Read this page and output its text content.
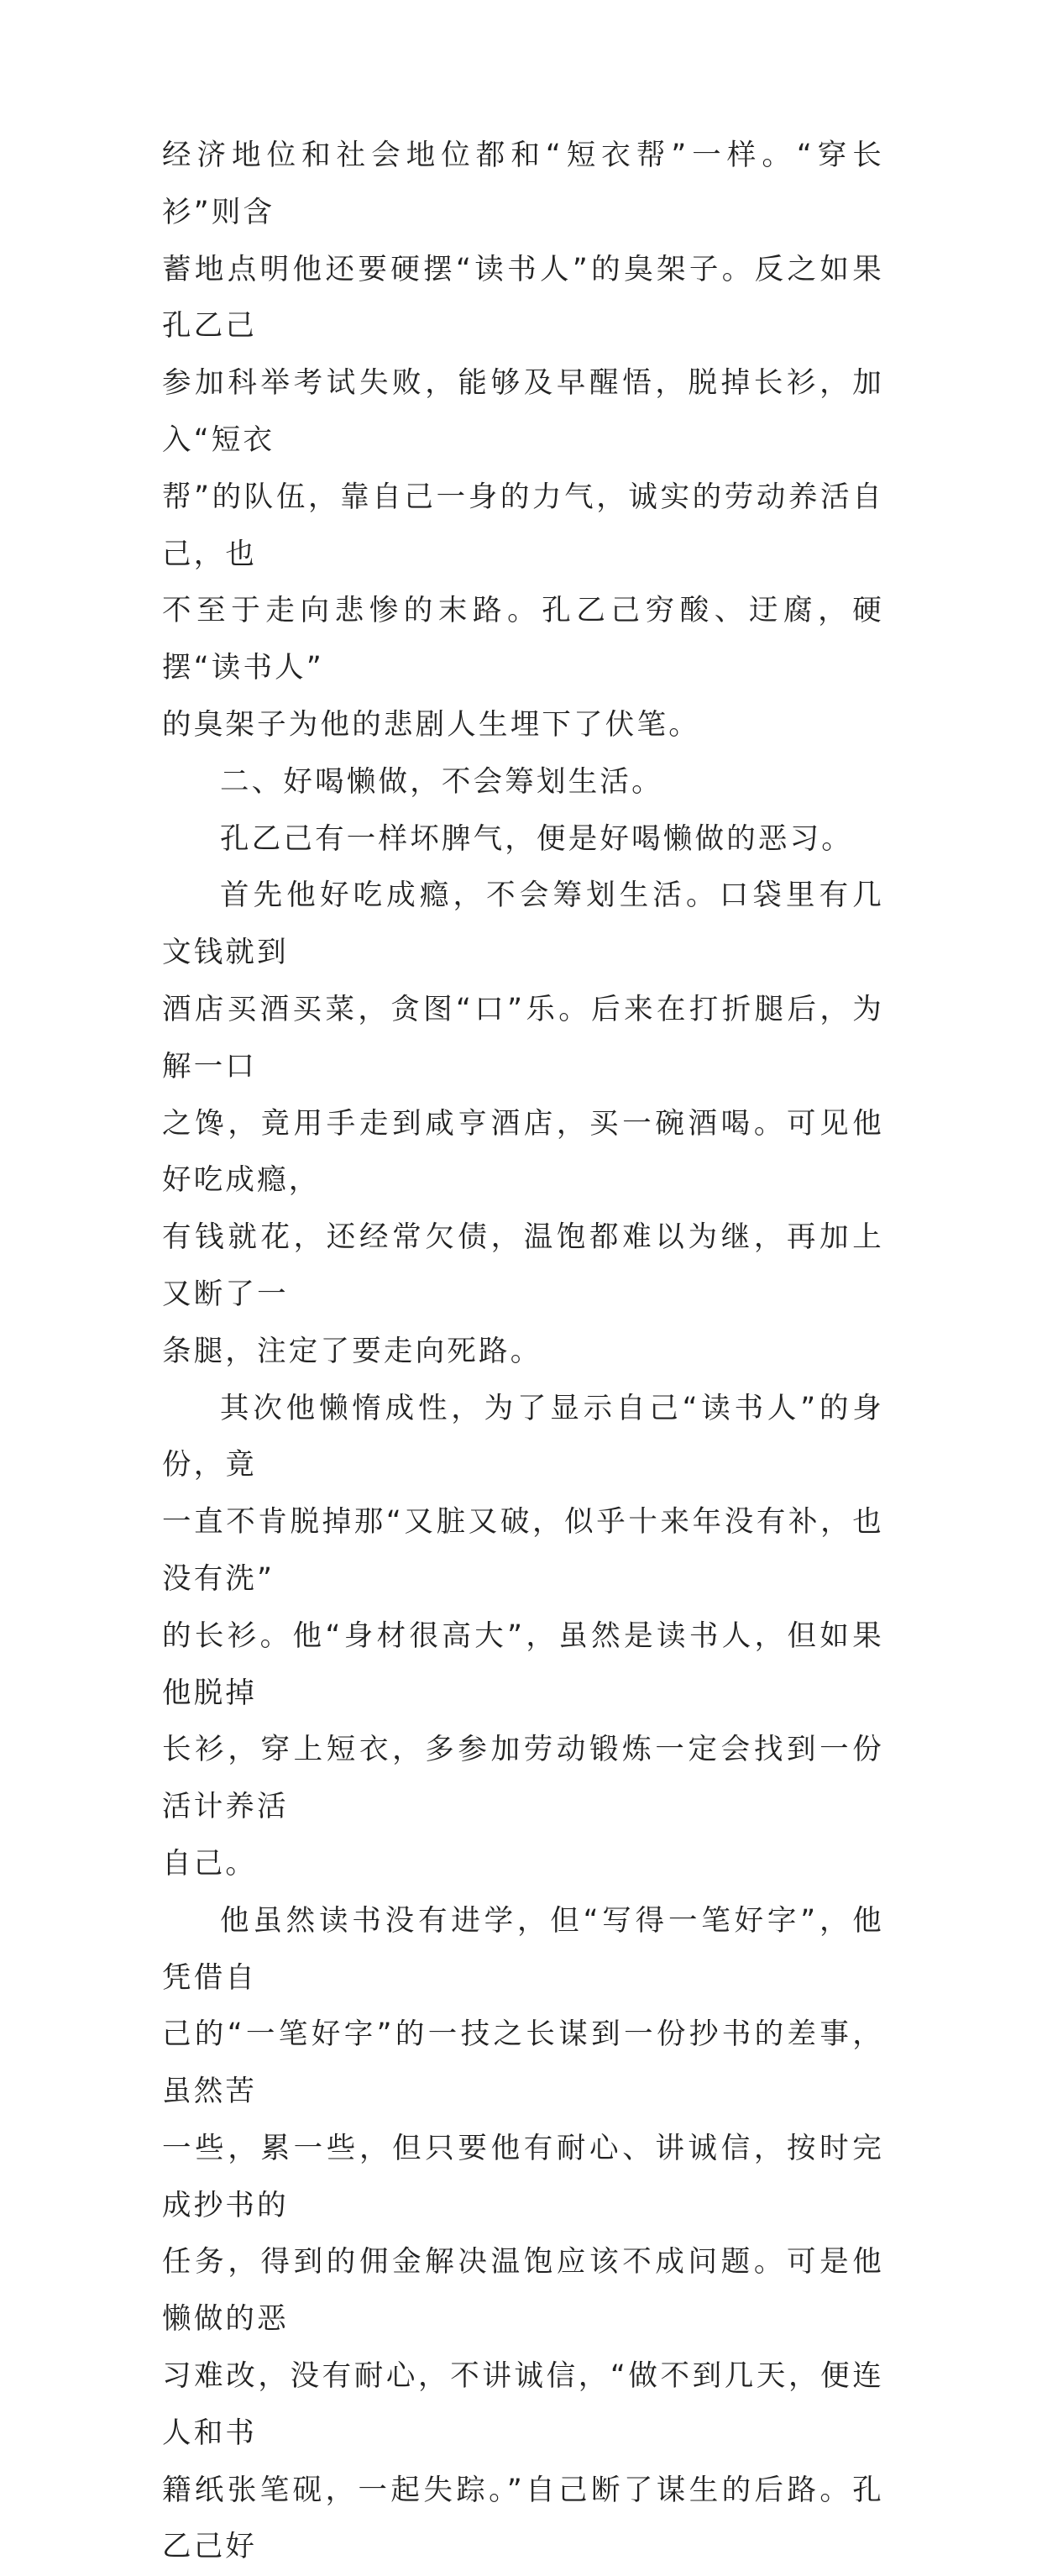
经济地位和社会地位都和“短衣帮”一样。“穿长衫”则含
蓄地点明他还要硬摆“读书人”的臭架子。反之如果孔乙己
参加科举考试失败，能够及早醒悟，脱掉长衫，加入“短衣
帮”的队伍，靠自己一身的力气，诚实的劳动养活自己，也
不至于走向悲惨的末路。孔乙己穷酸、迂腐，硬摆“读书人”
的臭架子为他的悲剧人生埋下了伏笔。

二、好喝懒做，不会筹划生活。

孔乙己有一样坏脾气，便是好喝懒做的恶习。

首先他好吃成瘾，不会筹划生活。口袋里有几文钱就到
酒店买酒买菜，贪图“口”乐。后来在打折腿后，为解一口
之馋，竟用手走到咸亨酒店，买一碗酒喝。可见他好吃成瘾，
有钱就花，还经常欠债，温饱都难以为继，再加上又断了一
条腿，注定了要走向死路。

其次他懒惰成性，为了显示自己“读书人”的身份，竟
一直不肯脱掉那“又脏又破，似乎十来年没有补，也没有洗”
的长衫。他“身材很高大”，虽然是读书人，但如果他脱掉
长衫，穿上短衣，多参加劳动锻炼一定会找到一份活计养活
自己。

他虽然读书没有进学，但“写得一笔好字”，他凭借自
己的“一笔好字”的一技之长谋到一份抄书的差事，虽然苦
一些，累一些，但只要他有耐心、讲诚信，按时完成抄书的
任务，得到的佣金解决温饱应该不成问题。可是他懒做的恶
习难改，没有耐心，不讲诚信，“做不到几天，便连人和书
籍纸张笔砚，一起失踪。”自己断了谋生的后路。孔乙己好
